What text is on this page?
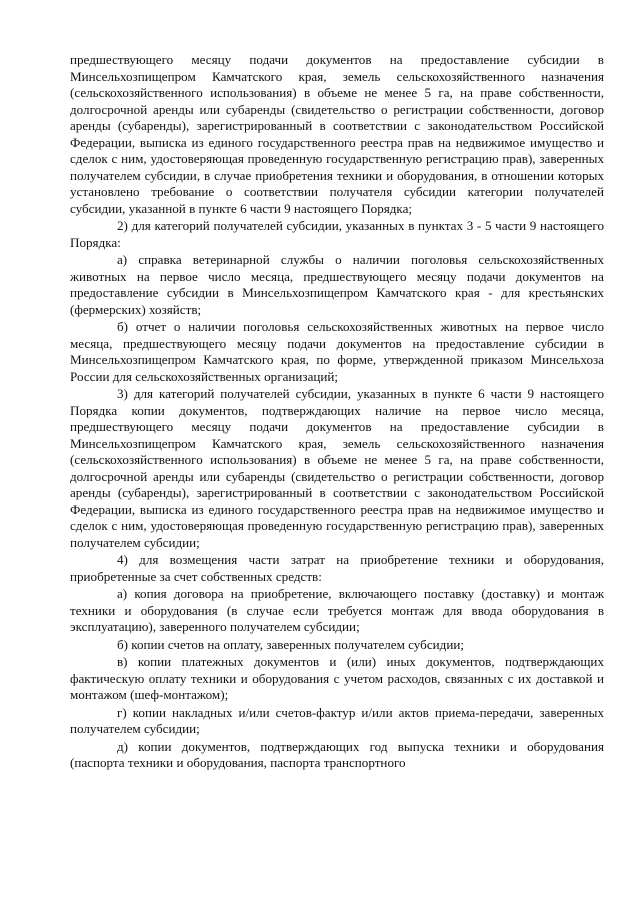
предшествующего месяцу подачи документов на предоставление субсидии в Минсельхозпищепром Камчатского края, земель сельскохозяйственного назначения (сельскохозяйственного использования) в объеме не менее 5 га, на праве собственности, долгосрочной аренды или субаренды (свидетельство о регистрации собственности, договор аренды (субаренды), зарегистрированный в соответствии с законодательством Российской Федерации, выписка из единого государственного реестра прав на недвижимое имущество и сделок с ним, удостоверяющая проведенную государственную регистрацию прав), заверенных получателем субсидии, в случае приобретения техники и оборудования, в отношении которых установлено требование о соответствии получателя субсидии категории получателей субсидии, указанной в пункте 6 части 9 настоящего Порядка;

2) для категорий получателей субсидии, указанных в пунктах 3 - 5 части 9 настоящего Порядка:

а) справка ветеринарной службы о наличии поголовья сельскохозяйственных животных на первое число месяца, предшествующего месяцу подачи документов на предоставление субсидии в Минсельхозпищепром Камчатского края - для крестьянских (фермерских) хозяйств;

б) отчет о наличии поголовья сельскохозяйственных животных на первое число месяца, предшествующего месяцу подачи документов на предоставление субсидии в Минсельхозпищепром Камчатского края, по форме, утвержденной приказом Минсельхоза России для сельскохозяйственных организаций;

3) для категорий получателей субсидии, указанных в пункте 6 части 9 настоящего Порядка копии документов, подтверждающих наличие на первое число месяца, предшествующего месяцу подачи документов на предоставление субсидии в Минсельхозпищепром Камчатского края, земель сельскохозяйственного назначения (сельскохозяйственного использования) в объеме не менее 5 га, на праве собственности, долгосрочной аренды или субаренды (свидетельство о регистрации собственности, договор аренды (субаренды), зарегистрированный в соответствии с законодательством Российской Федерации, выписка из единого государственного реестра прав на недвижимое имущество и сделок с ним, удостоверяющая проведенную государственную регистрацию прав), заверенных получателем субсидии;

4) для возмещения части затрат на приобретение техники и оборудования, приобретенные за счет собственных средств:

а) копия договора на приобретение, включающего поставку (доставку) и монтаж техники и оборудования (в случае если требуется монтаж для ввода оборудования в эксплуатацию), заверенного получателем субсидии;

б) копии счетов на оплату, заверенных получателем субсидии;

в) копии платежных документов и (или) иных документов, подтверждающих фактическую оплату техники и оборудования с учетом расходов, связанных с их доставкой и монтажом (шеф-монтажом);

г) копии накладных и/или счетов-фактур и/или актов приема-передачи, заверенных получателем субсидии;

д) копии документов, подтверждающих год выпуска техники и оборудования (паспорта техники и оборудования, паспорта транспортного
